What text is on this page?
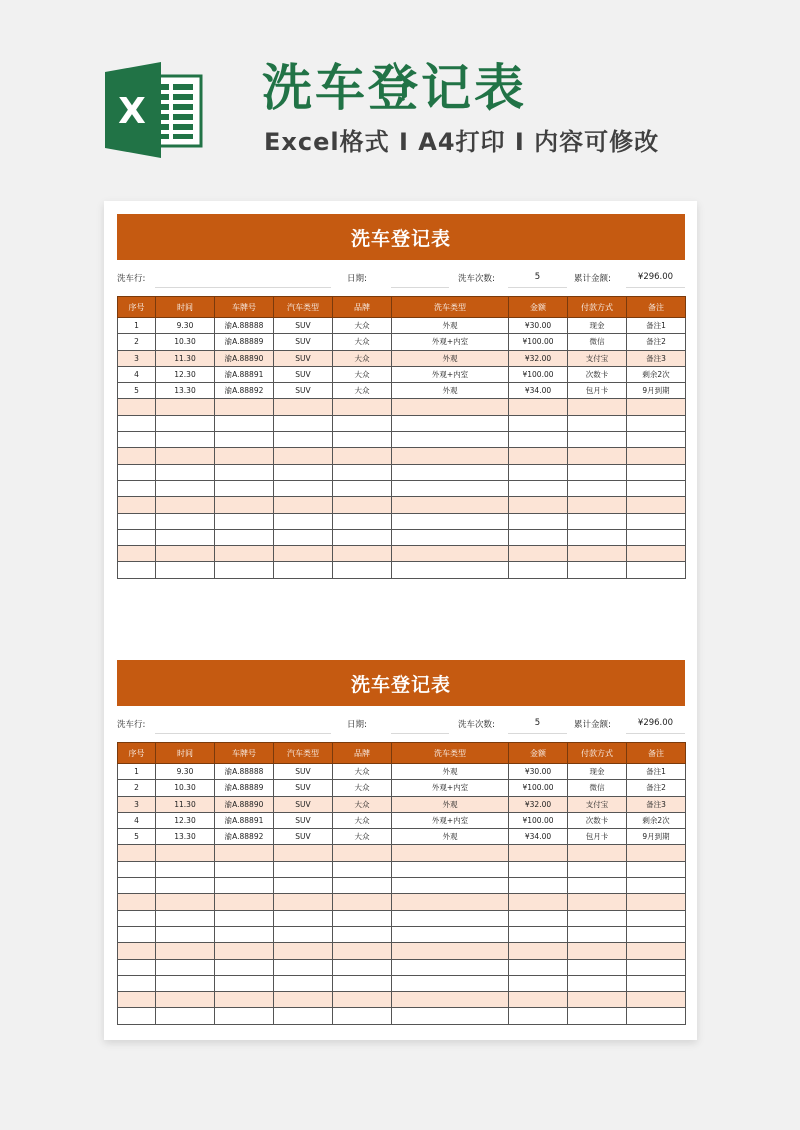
X 洗车登记表
Excel格式 I A4打印 I 内容可修改
洗车登记表
洗车行:	日期:	洗车次数:	5	累计金额:	¥296.00
序号	时间	车牌号	汽车类型	品牌	洗车类型	金额	付款方式	备注
1	9.30	渝A.88888	SUV	大众	外观	¥30.00	现金	备注1
2	10.30	渝A.88889	SUV	大众	外观+内室	¥100.00	微信	备注2
3	11.30	渝A.88890	SUV	大众	外观	¥32.00	支付宝	备注3
4	12.30	渝A.88891	SUV	大众	外观+内室	¥100.00	次数卡	剩余2次
5	13.30	渝A.88892	SUV	大众	外观	¥34.00	包月卡	9月到期

洗车登记表
洗车行:	日期:	洗车次数:	5	累计金额:	¥296.00
序号	时间	车牌号	汽车类型	品牌	洗车类型	金额	付款方式	备注
1	9.30	渝A.88888	SUV	大众	外观	¥30.00	现金	备注1
2	10.30	渝A.88889	SUV	大众	外观+内室	¥100.00	微信	备注2
3	11.30	渝A.88890	SUV	大众	外观	¥32.00	支付宝	备注3
4	12.30	渝A.88891	SUV	大众	外观+内室	¥100.00	次数卡	剩余2次
5	13.30	渝A.88892	SUV	大众	外观	¥34.00	包月卡	9月到期
